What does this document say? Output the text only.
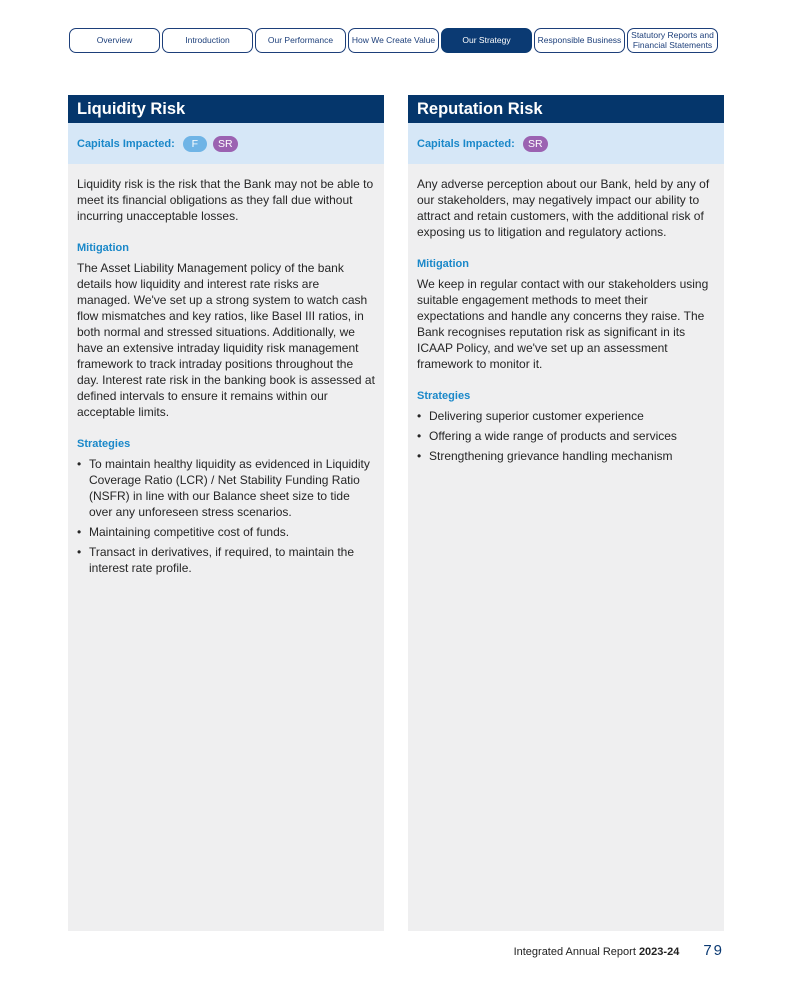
Overview	Introduction	Our Performance	How We Create Value	Our Strategy	Responsible Business	Statutory Reports and
Financial Statements
Liquidity Risk
Capitals Impacted:	F	SR

Liquidity risk is the risk that the Bank may not be able to meet its financial obligations as they fall due without incurring unacceptable losses.

Mitigation

The Asset Liability Management policy of the bank details how liquidity and interest rate risks are managed. We've set up a strong system to watch cash flow mismatches and key ratios, like Basel III ratios, in both normal and stressed situations. Additionally, we have an extensive intraday liquidity risk management framework to track intraday positions throughout the day. Interest rate risk in the banking book is assessed at defined intervals to ensure it remains within our acceptable limits.

Strategies
• To maintain healthy liquidity as evidenced in Liquidity Coverage Ratio (LCR) / Net Stability Funding Ratio (NSFR) in line with our Balance sheet size to tide over any unforeseen stress scenarios.
• Maintaining competitive cost of funds.
• Transact in derivatives, if required, to maintain the interest rate profile.
Reputation Risk
Capitals Impacted:	SR

Any adverse perception about our Bank, held by any of our stakeholders, may negatively impact our ability to attract and retain customers, with the additional risk of exposing us to litigation and regulatory actions.

Mitigation

We keep in regular contact with our stakeholders using suitable engagement methods to meet their expectations and handle any concerns they raise. The Bank recognises reputation risk as significant in its ICAAP Policy, and we've set up an assessment framework to monitor it.

Strategies
• Delivering superior customer experience
• Offering a wide range of products and services
• Strengthening grievance handling mechanism
Integrated Annual Report 2023-24 79
